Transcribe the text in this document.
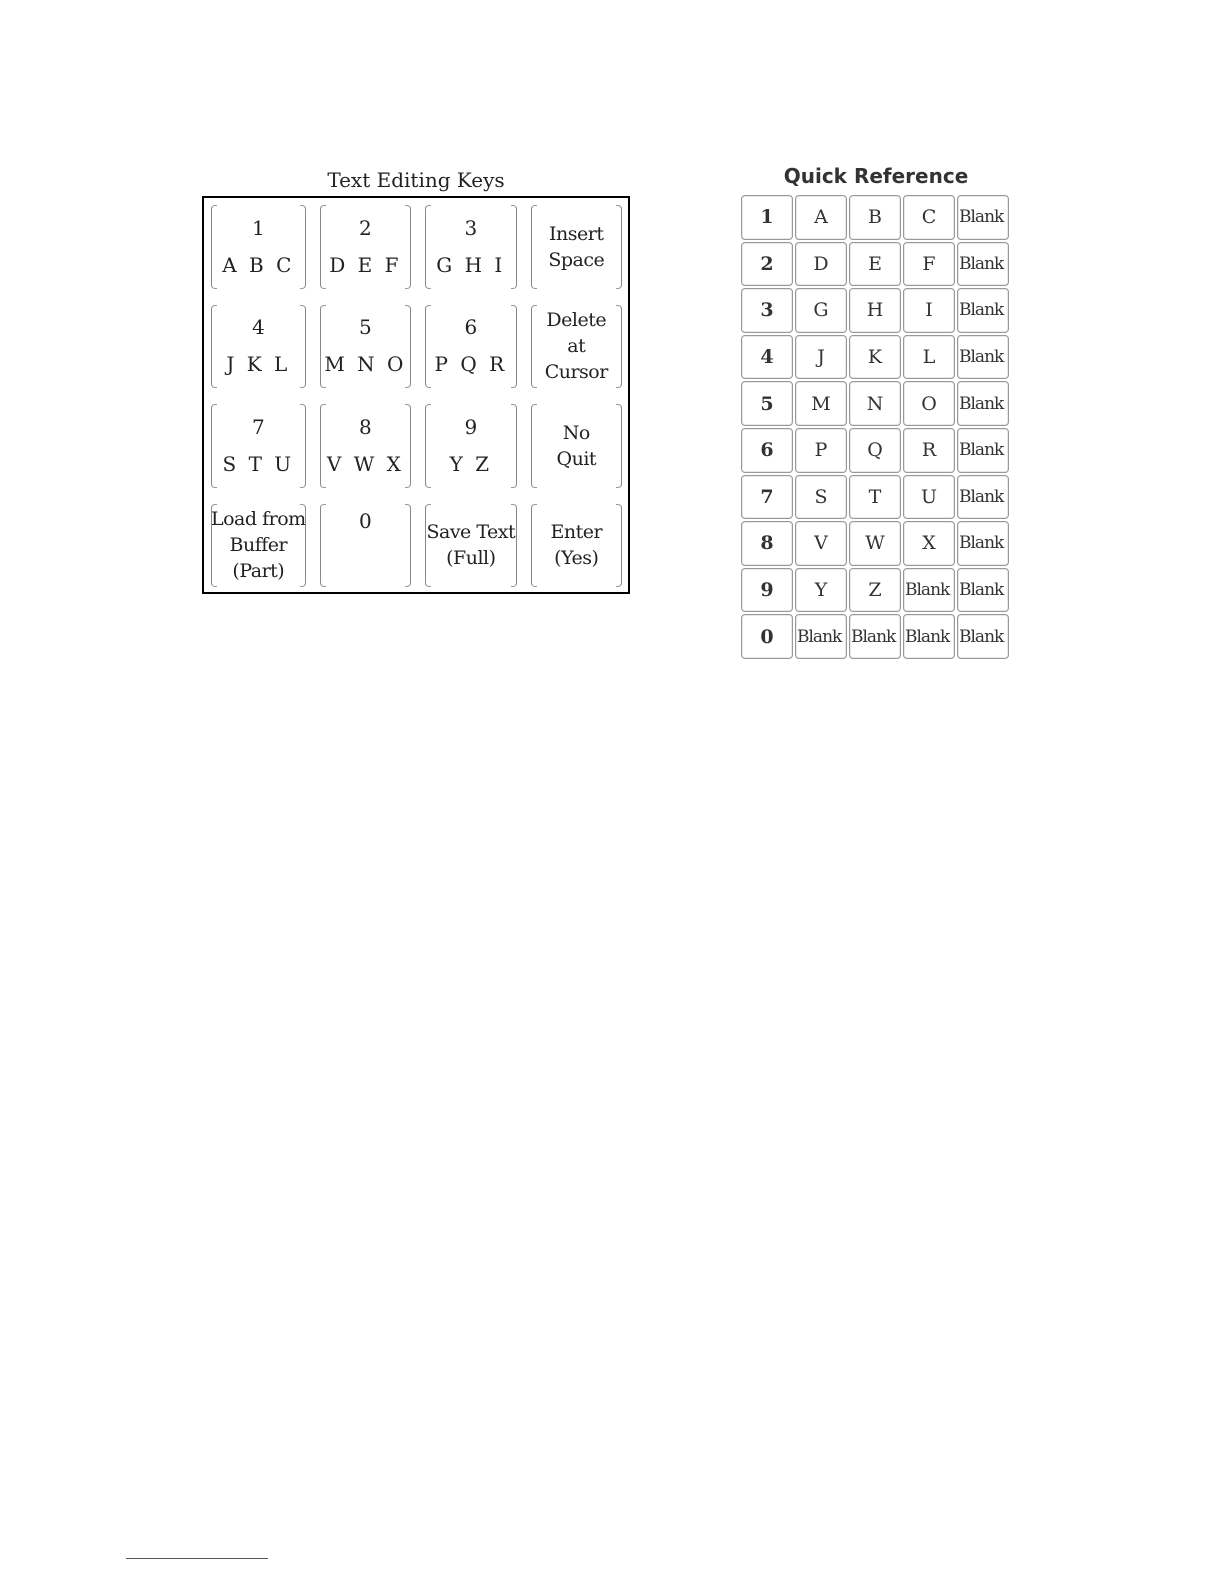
Text Editing Keys
1
A B C
2
D E F
3
G H I
Insert
Space
4
J K L
5
M N O
6
P Q R
Delete
at
Cursor
7
S T U
8
V W X
9
Y Z
No
Quit
Load from
Buffer
(Part)
0	Save Text
(Full)
Enter
(Yes)
Quick Reference
1	A	B	C	Blank
2	D	E	F	Blank
3	G	H	I	Blank
4	J	K	L	Blank
5	M	N	O	Blank
6	P	Q	R	Blank
7	S	T	U	Blank
8	V	W	X	Blank
9	Y	Z	Blank Blank
0	Blank Blank Blank Blank
